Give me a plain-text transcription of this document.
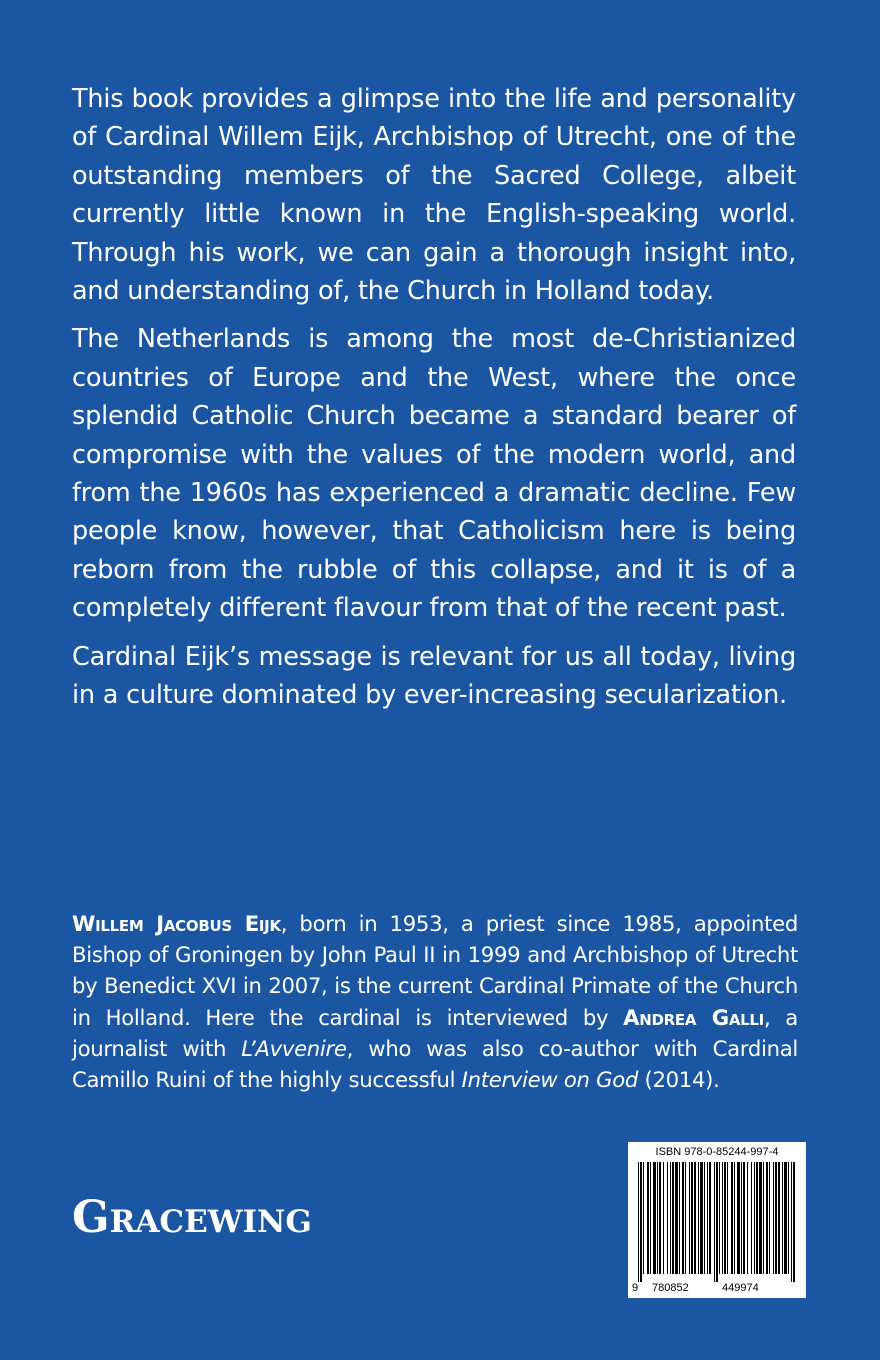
This book provides a glimpse into the life and personality of Cardinal Willem Eijk, Archbishop of Utrecht, one of the outstanding members of the Sacred College, albeit currently little known in the English-speaking world. Through his work, we can gain a thorough insight into, and understanding of, the Church in Holland today.

The Netherlands is among the most de-Christianized countries of Europe and the West, where the once splendid Catholic Church became a standard bearer of compromise with the values of the modern world, and from the 1960s has experienced a dramatic decline. Few people know, however, that Catholicism here is being reborn from the rubble of this collapse, and it is of a completely different flavour from that of the recent past.

Cardinal Eijk’s message is relevant for us all today, living in a culture dominated by ever-increasing secularization.

Willem Jacobus Eijk, born in 1953, a priest since 1985, appointed Bishop of Groningen by John Paul II in 1999 and Archbishop of Utrecht by Benedict XVI in 2007, is the current Cardinal Primate of the Church in Holland. Here the cardinal is interviewed by Andrea Galli, a journalist with L’Avvenire, who was also co-author with Cardinal Camillo Ruini of the highly successful Interview on God (2014).

Gracewing
ISBN 978-0-85244-997-4
9 780852	449974
